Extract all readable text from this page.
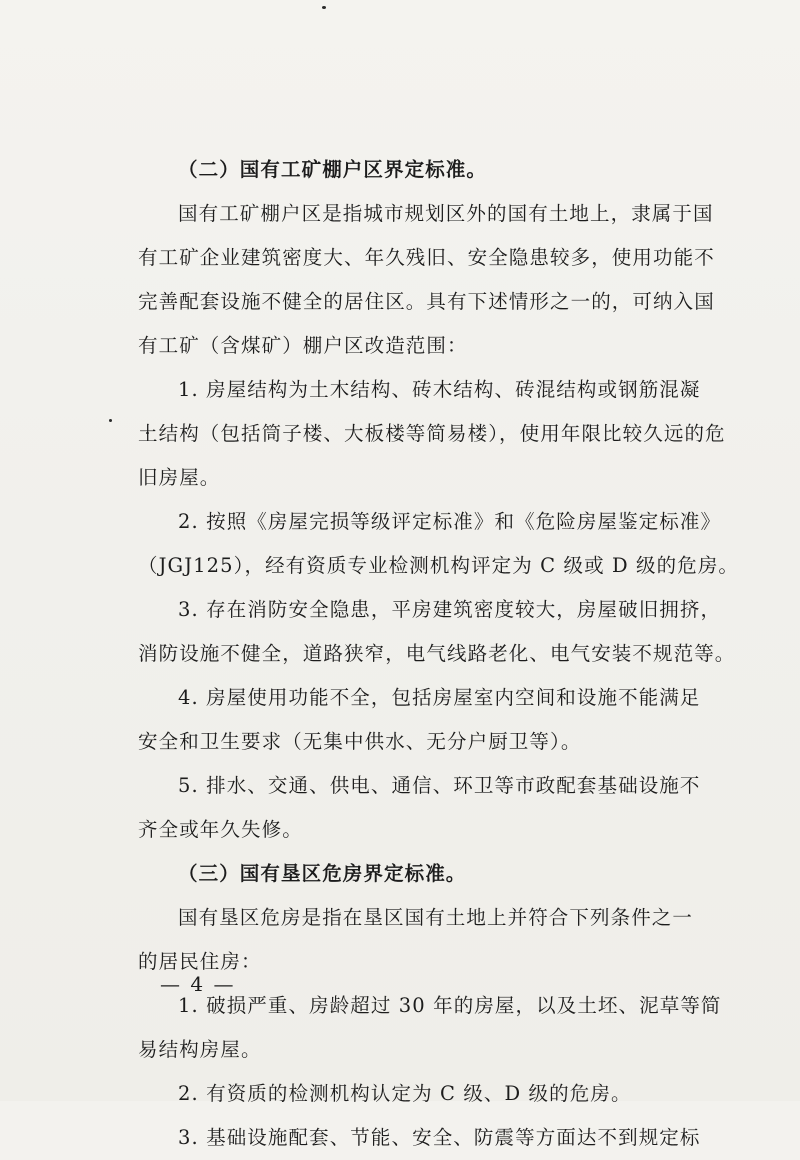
（二）国有工矿棚户区界定标准。
国有工矿棚户区是指城市规划区外的国有土地上，隶属于国
有工矿企业建筑密度大、年久残旧、安全隐患较多，使用功能不
完善配套设施不健全的居住区。具有下述情形之一的，可纳入国
有工矿（含煤矿）棚户区改造范围：
1. 房屋结构为土木结构、砖木结构、砖混结构或钢筋混凝
土结构（包括筒子楼、大板楼等简易楼），使用年限比较久远的危
旧房屋。
2. 按照《房屋完损等级评定标准》和《危险房屋鉴定标准》
（JGJ125），经有资质专业检测机构评定为 C 级或 D 级的危房。
3. 存在消防安全隐患，平房建筑密度较大，房屋破旧拥挤，
消防设施不健全，道路狭窄，电气线路老化、电气安装不规范等。
4. 房屋使用功能不全，包括房屋室内空间和设施不能满足
安全和卫生要求（无集中供水、无分户厨卫等）。
5. 排水、交通、供电、通信、环卫等市政配套基础设施不
齐全或年久失修。
（三）国有垦区危房界定标准。
国有垦区危房是指在垦区国有土地上并符合下列条件之一
的居民住房：
1. 破损严重、房龄超过 30 年的房屋，以及土坯、泥草等简
易结构房屋。
2. 有资质的检测机构认定为 C 级、D 级的危房。
3. 基础设施配套、节能、安全、防震等方面达不到规定标
— 4 —
